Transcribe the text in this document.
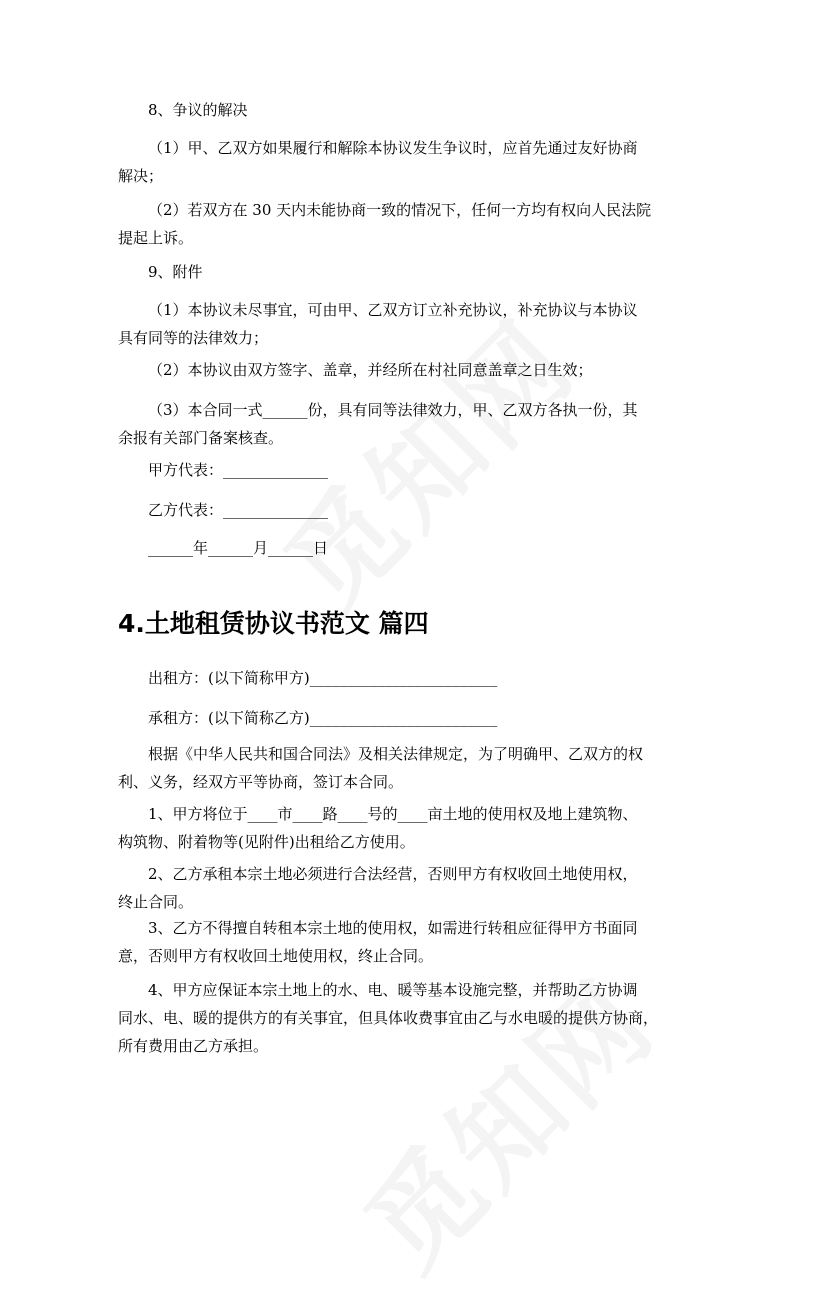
8、争议的解决
（1）甲、乙双方如果履行和解除本协议发生争议时，应首先通过友好协商
解决；
（2）若双方在 30 天内未能协商一致的情况下，任何一方均有权向人民法院
提起上诉。
9、附件
（1）本协议未尽事宜，可由甲、乙双方订立补充协议，补充协议与本协议
具有同等的法律效力；
（2）本协议由双方签字、盖章，并经所在村社同意盖章之日生效；
（3）本合同一式______份，具有同等法律效力，甲、乙双方各执一份，其
余报有关部门备案核查。
甲方代表：______________
乙方代表：______________
______年______月______日
4.土地租赁协议书范文 篇四
出租方：(以下简称甲方)_________________________
承租方：(以下简称乙方)_________________________
根据《中华人民共和国合同法》及相关法律规定，为了明确甲、乙双方的权
利、义务，经双方平等协商，签订本合同。
1、甲方将位于____市____路____号的____亩土地的使用权及地上建筑物、
构筑物、附着物等(见附件)出租给乙方使用。
2、乙方承租本宗土地必须进行合法经营，否则甲方有权收回土地使用权，
终止合同。
3、乙方不得擅自转租本宗土地的使用权，如需进行转租应征得甲方书面同
意，否则甲方有权收回土地使用权，终止合同。
4、甲方应保证本宗土地上的水、电、暖等基本设施完整，并帮助乙方协调
同水、电、暖的提供方的有关事宜，但具体收费事宜由乙与水电暖的提供方协商，
所有费用由乙方承担。
